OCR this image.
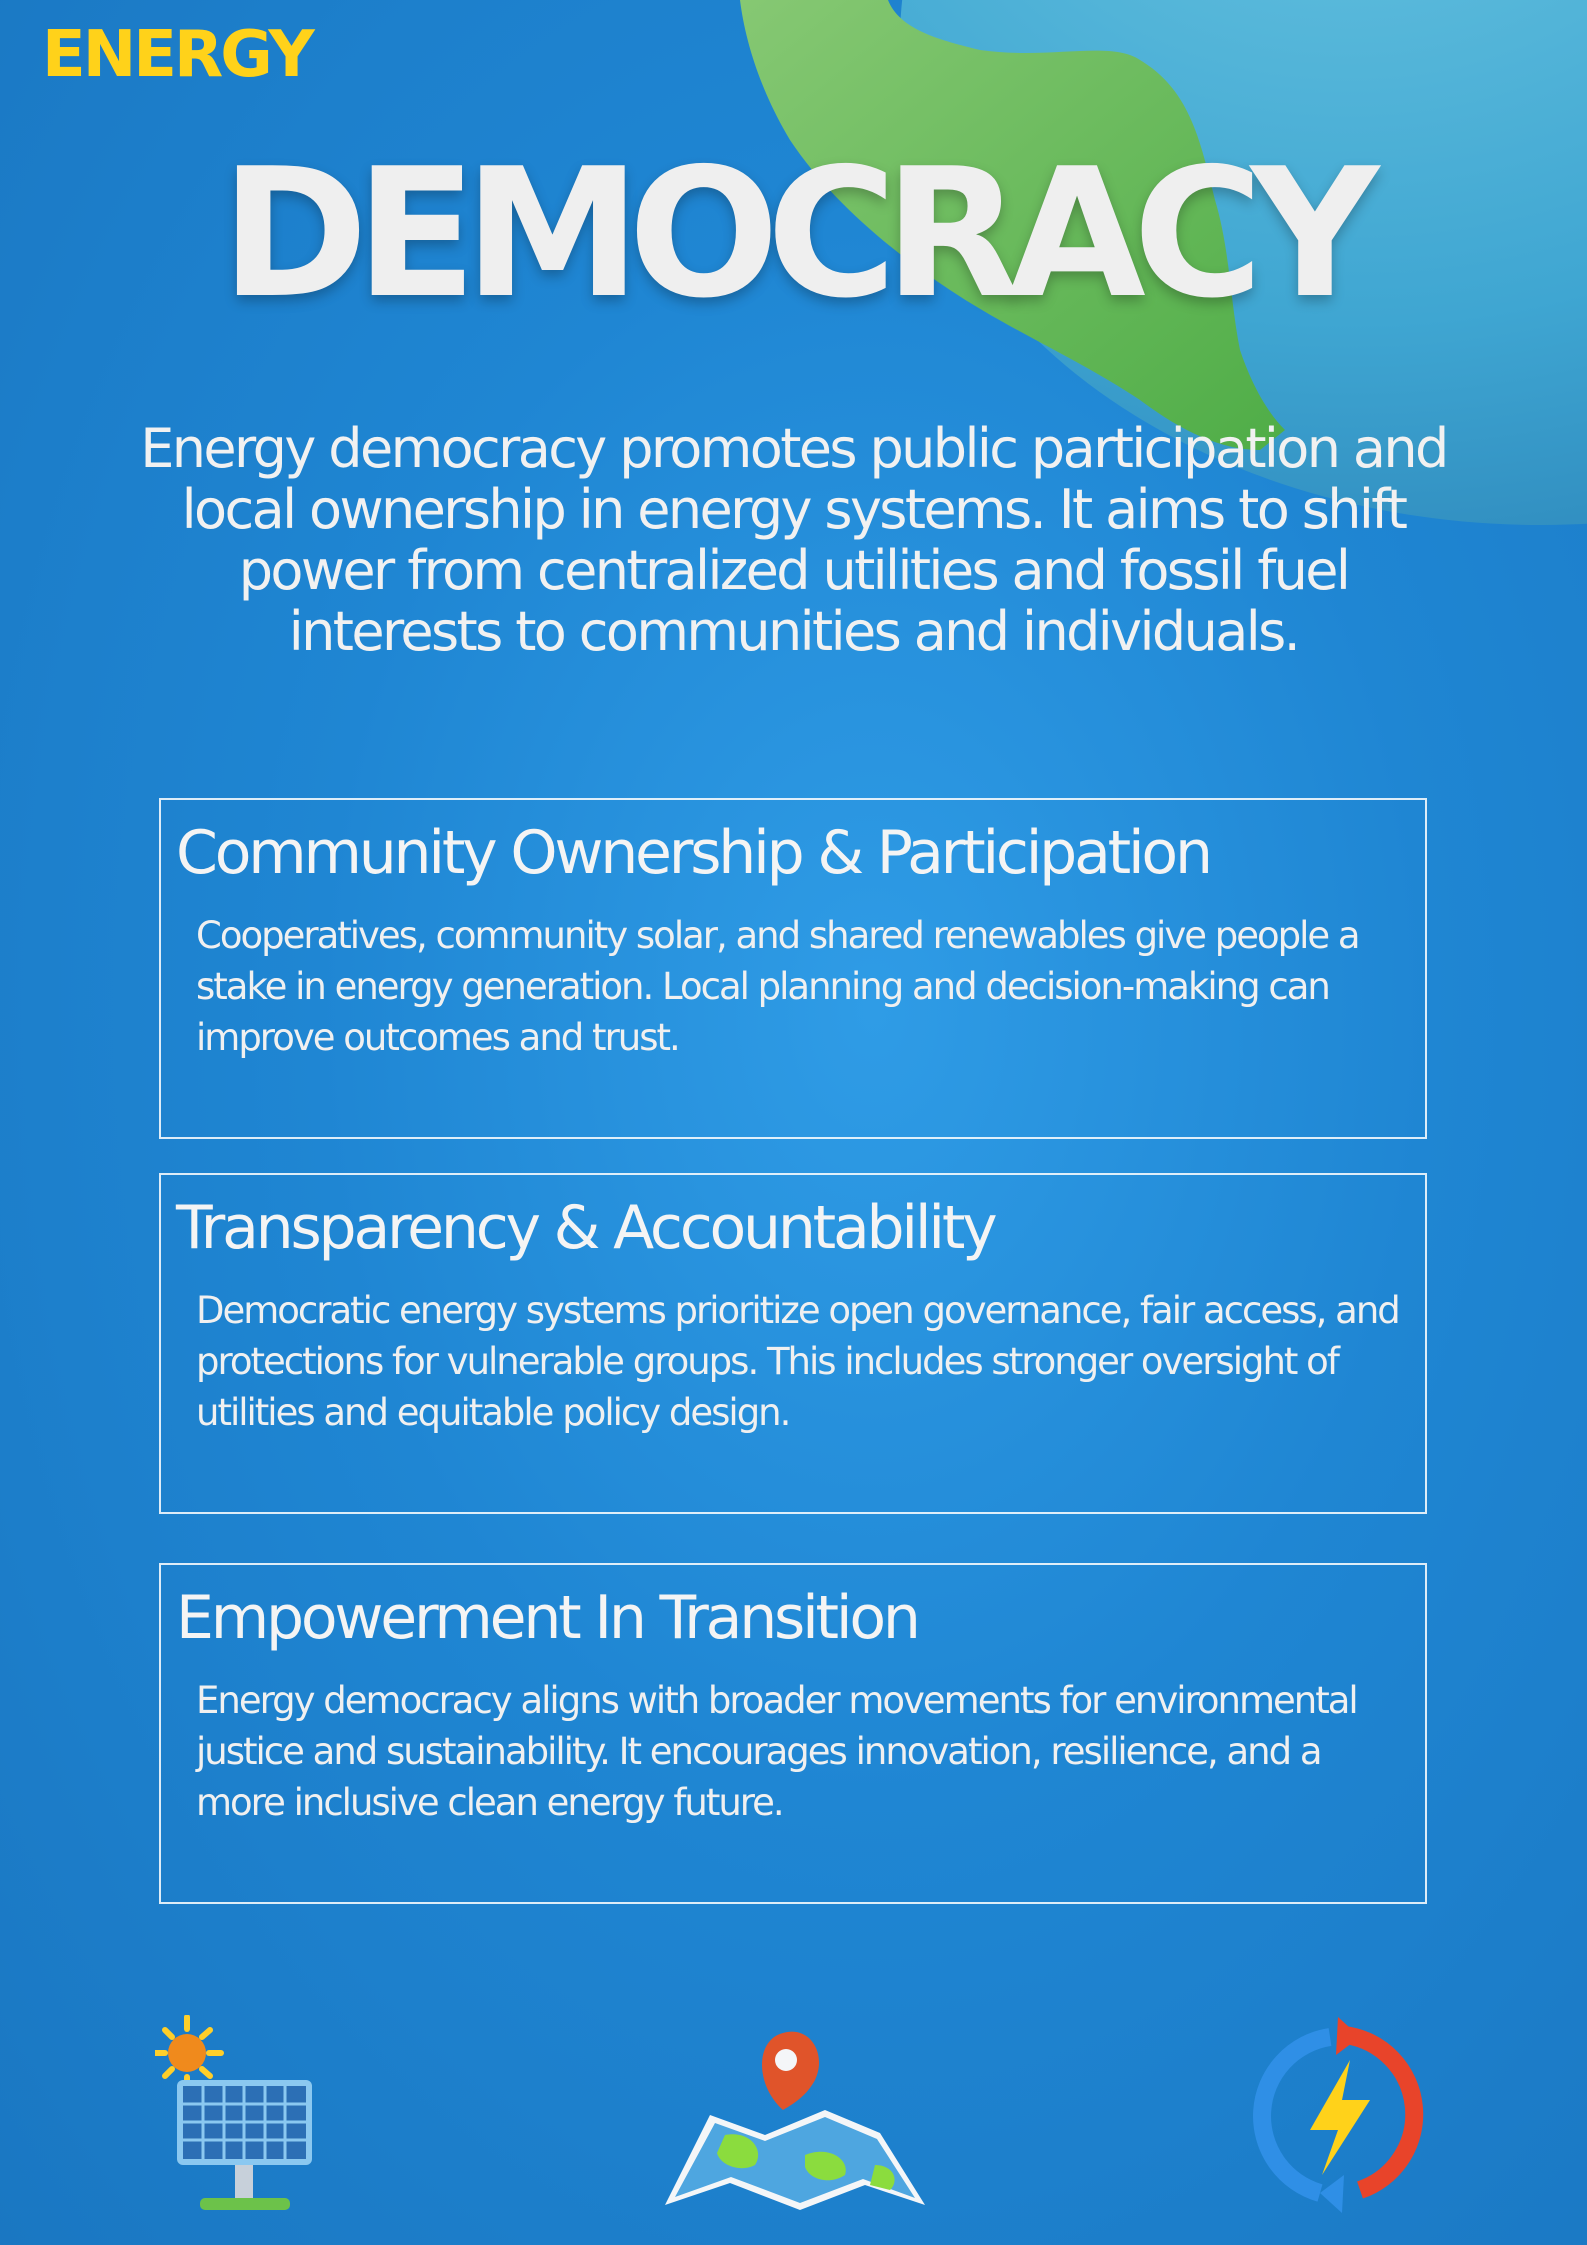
ENERGY
DEMOCRACY

Energy democracy promotes public participation and local ownership in energy systems. It aims to shift power from centralized utilities and fossil fuel interests to communities and individuals.

Community Ownership & Participation

Cooperatives, community solar, and shared renewables give people a stake in energy generation. Local planning and decision-making can improve outcomes and trust.

Transparency & Accountability

Democratic energy systems prioritize open governance, fair access, and protections for vulnerable groups. This includes stronger oversight of utilities and equitable policy design.

Empowerment In Transition

Energy democracy aligns with broader movements for environmental justice and sustainability. It encourages innovation, resilience, and a more inclusive clean energy future.
